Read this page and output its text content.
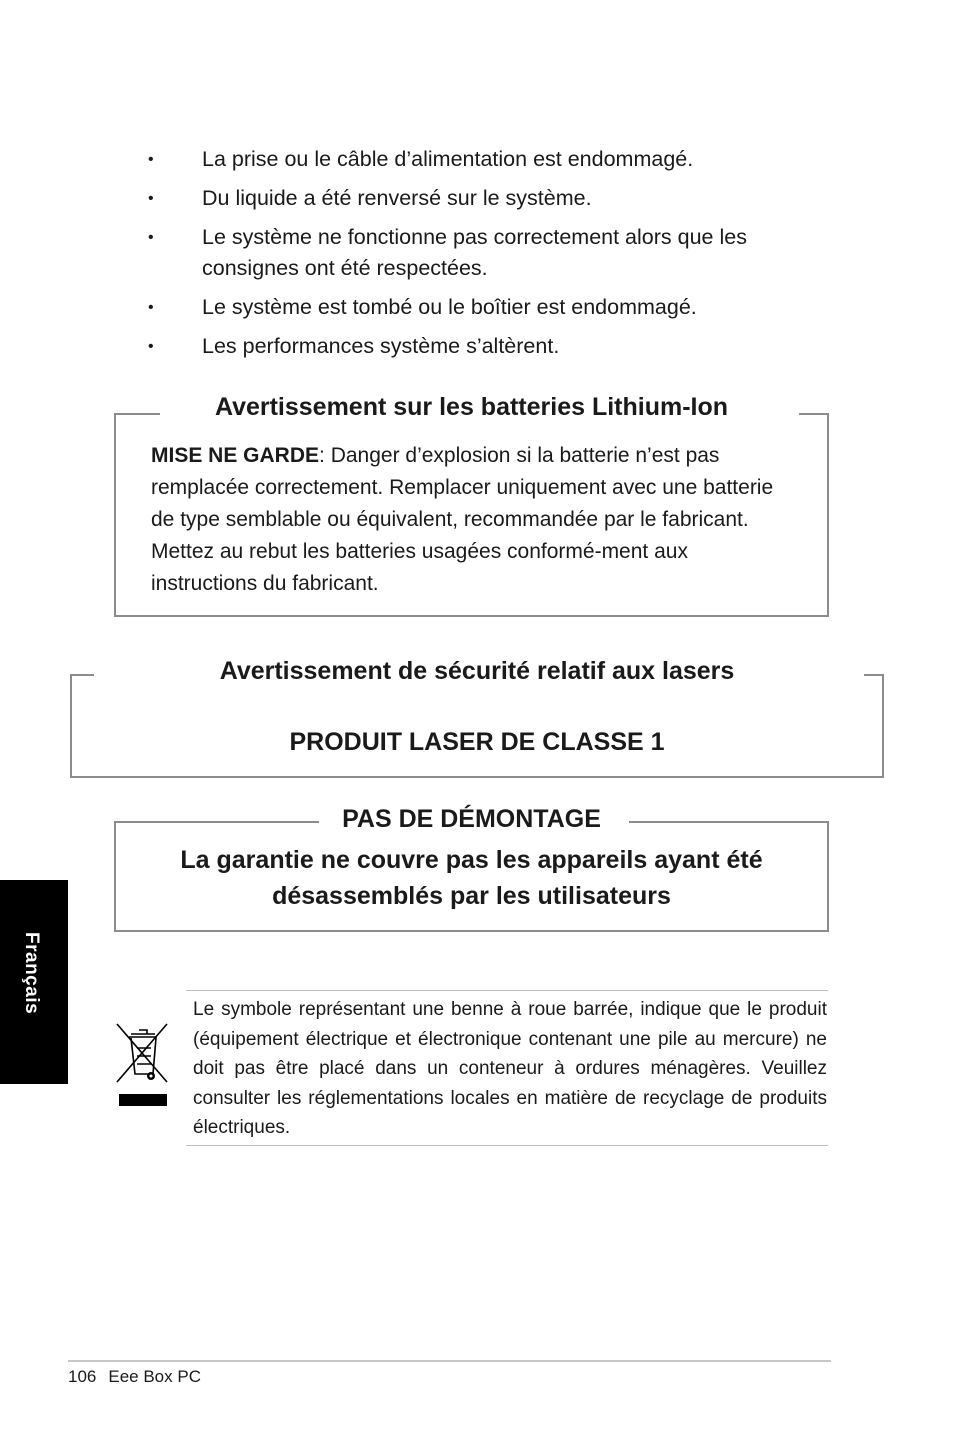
• La prise ou le câble d’alimentation est endommagé.
• Du liquide a été renversé sur le système.
• Le système ne fonctionne pas correctement alors que les consignes ont été respectées.
• Le système est tombé ou le boîtier est endommagé.
• Les performances système s’altèrent.
Avertissement sur les batteries Lithium-Ion
MISE NE GARDE: Danger d’explosion si la batterie n’est pas remplacée correctement. Remplacer uniquement avec une batterie de type semblable ou équivalent, recommandée par le fabricant. Mettez au rebut les batteries usagées conformé-ment aux instructions du fabricant.
Avertissement de sécurité relatif aux lasers
PRODUIT LASER DE CLASSE 1
PAS DE DÉMONTAGE
La garantie ne couvre pas les appareils ayant été désassemblés par les utilisateurs
Le symbole représentant une benne à roue barrée, indique que le produit (équipement électrique et électronique contenant une pile au mercure) ne doit pas être placé dans un conteneur à ordures ménagères. Veuillez consulter les réglementations locales en matière de recyclage de produits électriques.
Français
106 Eee Box PC
